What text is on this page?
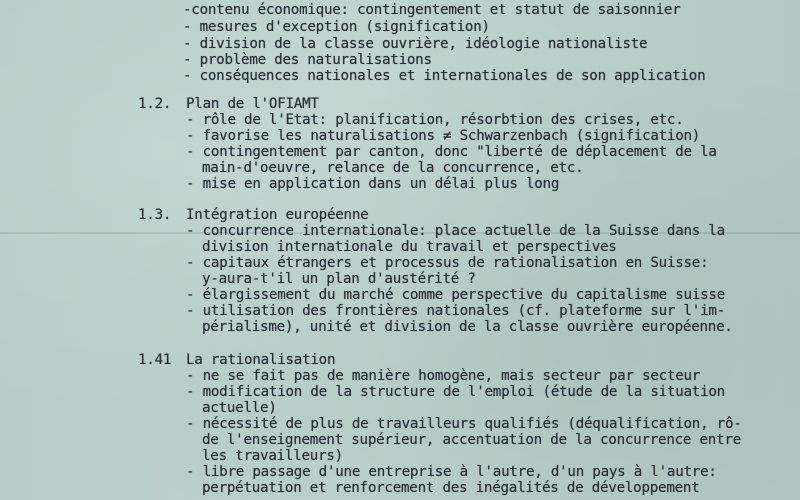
-contenu économique: contingentement et statut de saisonnier
- mesures d'exception (signification)
- division de la classe ouvrière, idéologie nationaliste
- problème des naturalisations
- conséquences nationales et internationales de son application
1.2. Plan de l'OFIAMT
- rôle de l'Etat: planification, résorbtion des crises, etc.
- favorise les naturalisations ≠ Schwarzenbach (signification)
- contingentement par canton, donc "liberté de déplacement de la
main-d'oeuvre, relance de la concurrence, etc.
- mise en application dans un délai plus long
1.3. Intégration européenne
- concurrence internationale: place actuelle de la Suisse dans la
division internationale du travail et perspectives
- capitaux étrangers et processus de rationalisation en Suisse:
y-aura-t'il un plan d'austérité ?
- élargissement du marché comme perspective du capitalisme suisse
- utilisation des frontières nationales (cf. plateforme sur l'im-
périalisme), unité et division de la classe ouvrière européenne.
1.41 La rationalisation
- ne se fait pas de manière homogène, mais secteur par secteur
- modification de la structure de l'emploi (étude de la situation
actuelle)
- nécessité de plus de travailleurs qualifiés (déqualification, rô-
de l'enseignement supérieur, accentuation de la concurrence entre
les travailleurs)
- libre passage d'une entreprise à l'autre, d'un pays à l'autre:
perpétuation et renforcement des inégalités de développement
